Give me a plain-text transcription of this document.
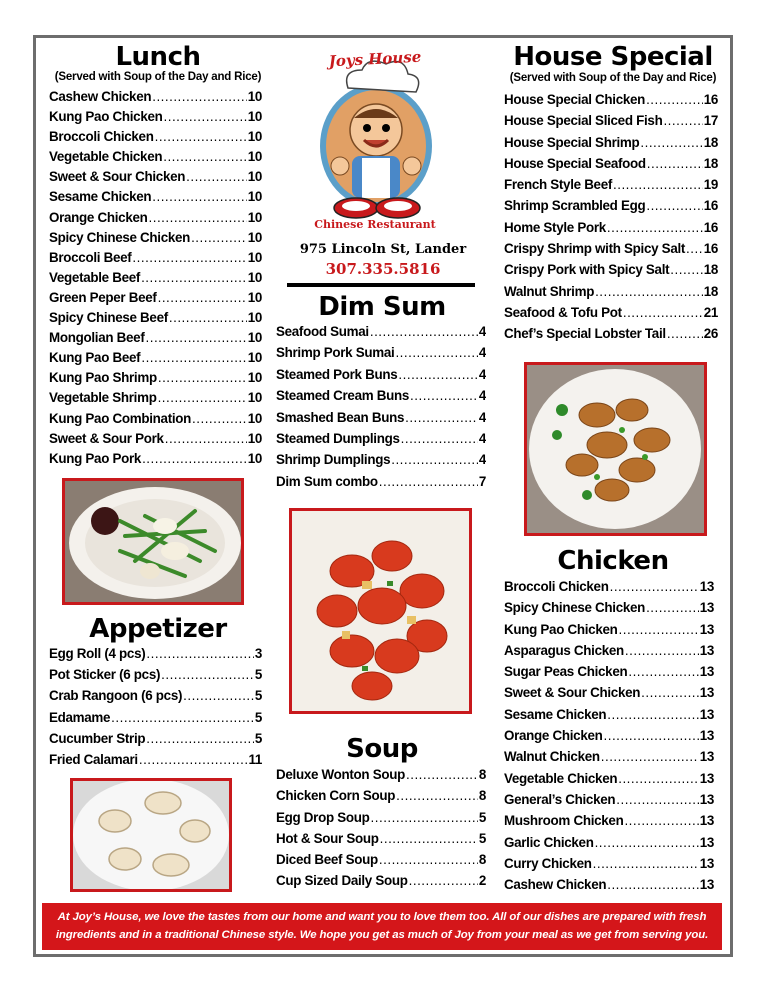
Lunch
(Served with Soup of the Day and Rice)
Cashew Chicken .....	10
Kung Pao Chicken .....	10
Broccoli Chicken .....	10
Vegetable Chicken .....	10
Sweet & Sour Chicken .....	10
Sesame Chicken .....	10
Orange Chicken .....	10
Spicy Chinese Chicken .....	10
Broccoli Beef .....	10
Vegetable Beef .....	10
Green Peper Beef .....	10
Spicy Chinese Beef .....	10
Mongolian Beef .....	10
Kung Pao Beef .....	10
Kung Pao Shrimp .....	10
Vegetable Shrimp .....	10
Kung Pao Combination .....	10
Sweet & Sour Pork .....	10
Kung Pao Pork .....	10
Appetizer
Egg Roll (4 pcs) .....	3
Pot Sticker (6 pcs) .....	5
Crab Rangoon (6 pcs) .....	5
Edamame .....	5
Cucumber Strip .....	5
Fried Calamari .....	11
Joys House
Chinese Restaurant
975 Lincoln St, Lander
307.335.5816
Dim Sum
Seafood Sumai .....	4
Shrimp Pork Sumai .....	4
Steamed Pork Buns .....	4
Steamed Cream Buns .....	4
Smashed Bean Buns .....	4
Steamed Dumplings .....	4
Shrimp Dumplings .....	4
Dim Sum combo .....	7
Soup
Deluxe Wonton Soup .....	8
Chicken Corn Soup .....	8
Egg Drop Soup .....	5
Hot & Sour Soup .....	5
Diced Beef Soup .....	8
Cup Sized Daily Soup .....	2
House Special
(Served with Soup of the Day and Rice)
House Special Chicken .....	16
House Special Sliced Fish .....	17
House Special Shrimp .....	18
House Special Seafood .....	18
French Style Beef .....	19
Shrimp Scrambled Egg .....	16
Home Style Pork .....	16
Crispy Shrimp with Spicy Salt ..... 16
Crispy Pork with Spicy Salt .....	18
Walnut Shrimp .....	18
Seafood & Tofu Pot .....	21
Chef’s Special Lobster Tail .....	26
Chicken
Broccoli Chicken .....	13
Spicy Chinese Chicken .....	13
Kung Pao Chicken .....	13
Asparagus Chicken .....	13
Sugar Peas Chicken .....	13
Sweet & Sour Chicken .....	13
Sesame Chicken .....	13
Orange Chicken .....	13
Walnut Chicken .....	13
Vegetable Chicken .....	13
General’s Chicken .....	13
Mushroom Chicken .....	13
Garlic Chicken .....	13
Curry Chicken .....	13
Cashew Chicken .....	13
At Joy’s House, we love the tastes from our home and want you to love them too. All of our dishes are prepared with fresh ingredients and in a traditional Chinese style. We hope you get as much of Joy from your meal as we get from serving you.
